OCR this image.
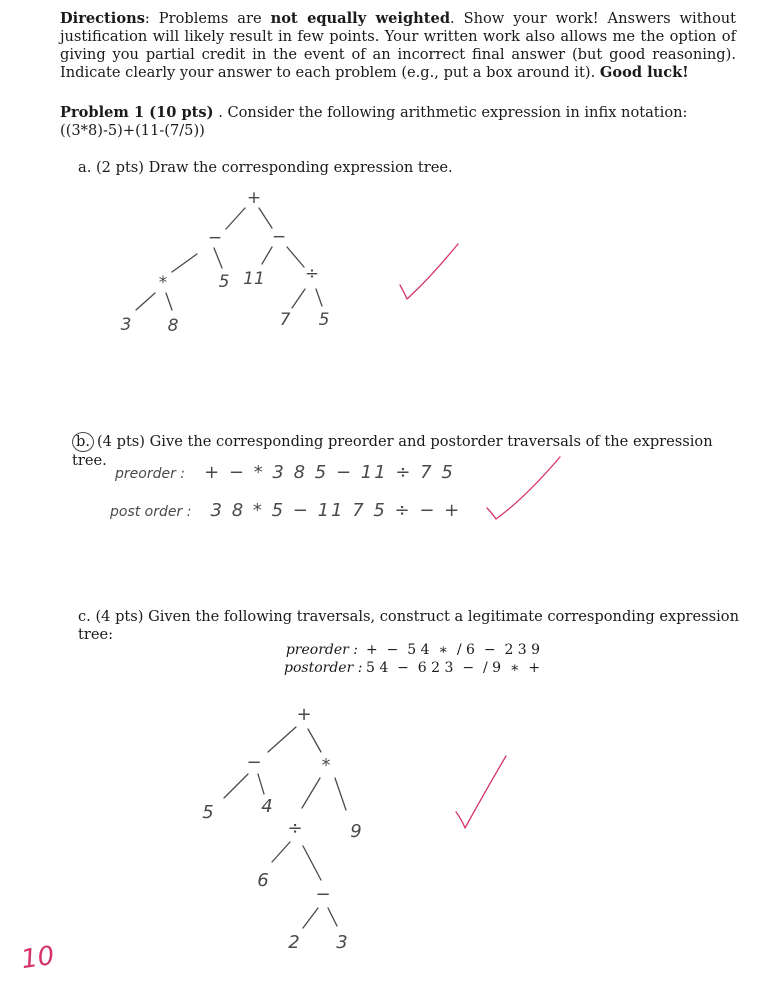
Directions: Problems are not equally weighted. Show your work! Answers without justification will likely result in few points. Your written work also allows me the option of giving you partial credit in the event of an incorrect final answer (but good reasoning). Indicate clearly your answer to each problem (e.g., put a box around it). Good luck!
Problem 1 (10 pts) . Consider the following arithmetic expression in infix notation:
((3*8)-5)+(11-(7/5))
a. (2 pts) Draw the corresponding expression tree.
b. (4 pts) Give the corresponding preorder and postorder traversals of the expression tree.
preorder : + − * 3 8 5 − 11 ÷ 7 5
post order : 3 8 * 5 − 11 7 5 ÷ − +
c. (4 pts) Given the following traversals, construct a legitimate corresponding expression tree:
preorder : +  −  5 4  ∗  / 6  −  2 3 9
postorder : 5 4  −  6 2 3  −  / 9  ∗  +
+
−	−
*	5 11 ÷
3 8	7 5
+
−	*
5	4
÷	9
6
−
2 3
10
